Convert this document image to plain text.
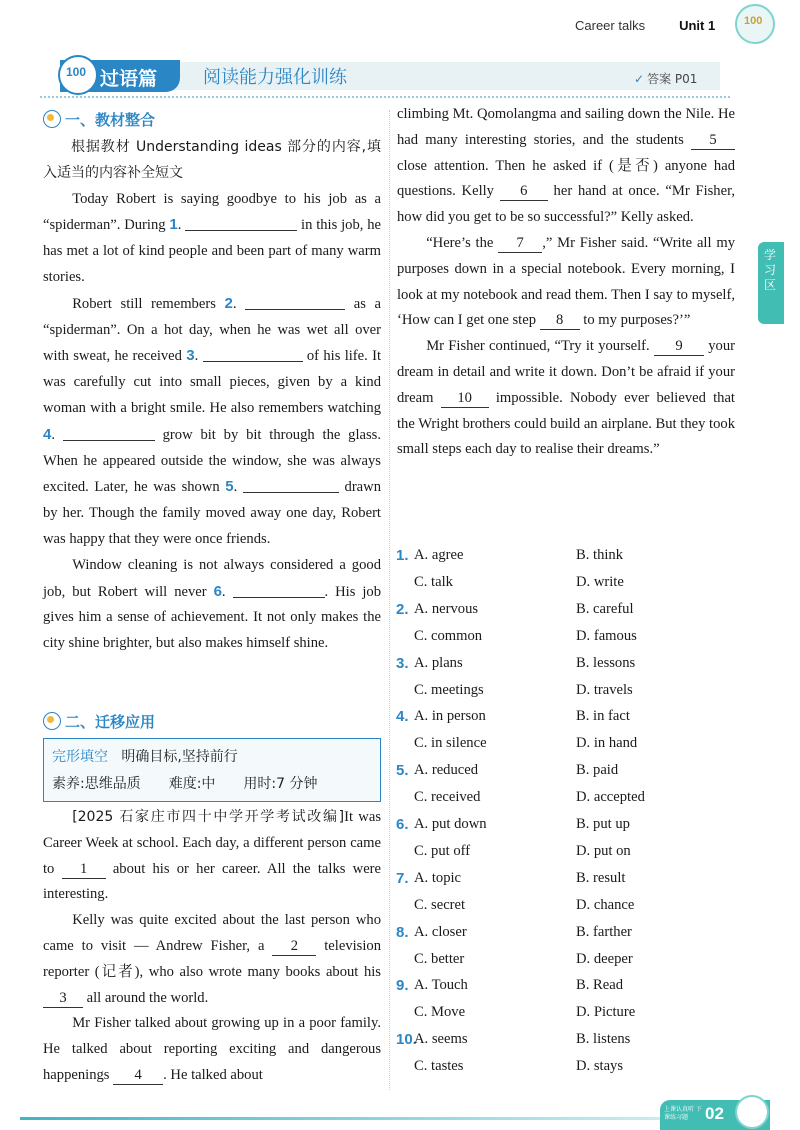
Career talks	Unit 1	100
过语篇
100	阅读能力强化训练	✓ 答案 P01
学习区
一、教材整合

根据教材 Understanding ideas 部分的内容,填入适当的内容补全短文

Today Robert is saying goodbye to his job as a “spiderman”. During 1.	in this job, he has met a lot of kind people and been part of many warm stories.

Robert still remembers 2.	as a “spiderman”. On a hot day, when he was wet all over with sweat, he received 3.	of his life. It was carefully cut into small pieces, given by a kind woman with a bright smile. He also remembers watching 4.	grow bit by bit through the glass. When he appeared outside the window, she was always excited. Later, he was shown 5.	drawn by her. Though the family moved away one day, Robert was happy that they were once friends.

Window cleaning is not always considered a good job, but Robert will never 6.	. His job gives him a sense of achievement. It not only makes the city shine brighter, but also makes himself shine.

二、迁移应用
完形填空 明确目标,坚持前行
素养:思维品质　　难度:中　　用时:7 分钟

[2025 石家庄市四十中学开学考试改编]It was Career Week at school. Each day, a different person came to 1 about his or her career. All the talks were interesting.

Kelly was quite excited about the last person who came to visit — Andrew Fisher, a 2 television reporter (记者), who also wrote many books about his 3 all around the world.

Mr Fisher talked about growing up in a poor family. He talked about reporting exciting and dangerous happenings 4 . He talked about

climbing Mt. Qomolangma and sailing down the Nile. He had many interesting stories, and the students 5 close attention. Then he asked if (是否) anyone had questions. Kelly 6 her hand at once. “Mr Fisher, how did you get to be so successful?” Kelly asked.

“Here’s the 7 ,” Mr Fisher said. “Write all my purposes down in a special notebook. Every morning, I look at my notebook and read them. Then I say to myself, ‘How can I get one step 8 to my purposes?’”

Mr Fisher continued, “Try it yourself. 9 your dream in detail and write it down. Don’t be afraid if your dream 10 impossible. Nobody ever believed that the Wright brothers could build an airplane. But they took small steps each day to realise their dreams.”

1. A. agree	B. think
C. talk	D. write
2. A. nervous	B. careful
C. common	D. famous
3. A. plans	B. lessons
C. meetings	D. travels
4. A. in person	B. in fact
C. in silence	D. in hand
5. A. reduced	B. paid
C. received	D. accepted
6. A. put down	B. put up
C. put off	D. put on
7. A. topic	B. result
C. secret	D. chance
8. A. closer	B. farther
C. better	D. deeper
9. A. Touch	B. Read
C. Move	D. Picture
10.
A. seems	B. listens
C. tastes	D. stays
上课认真听 下课练习题 02
